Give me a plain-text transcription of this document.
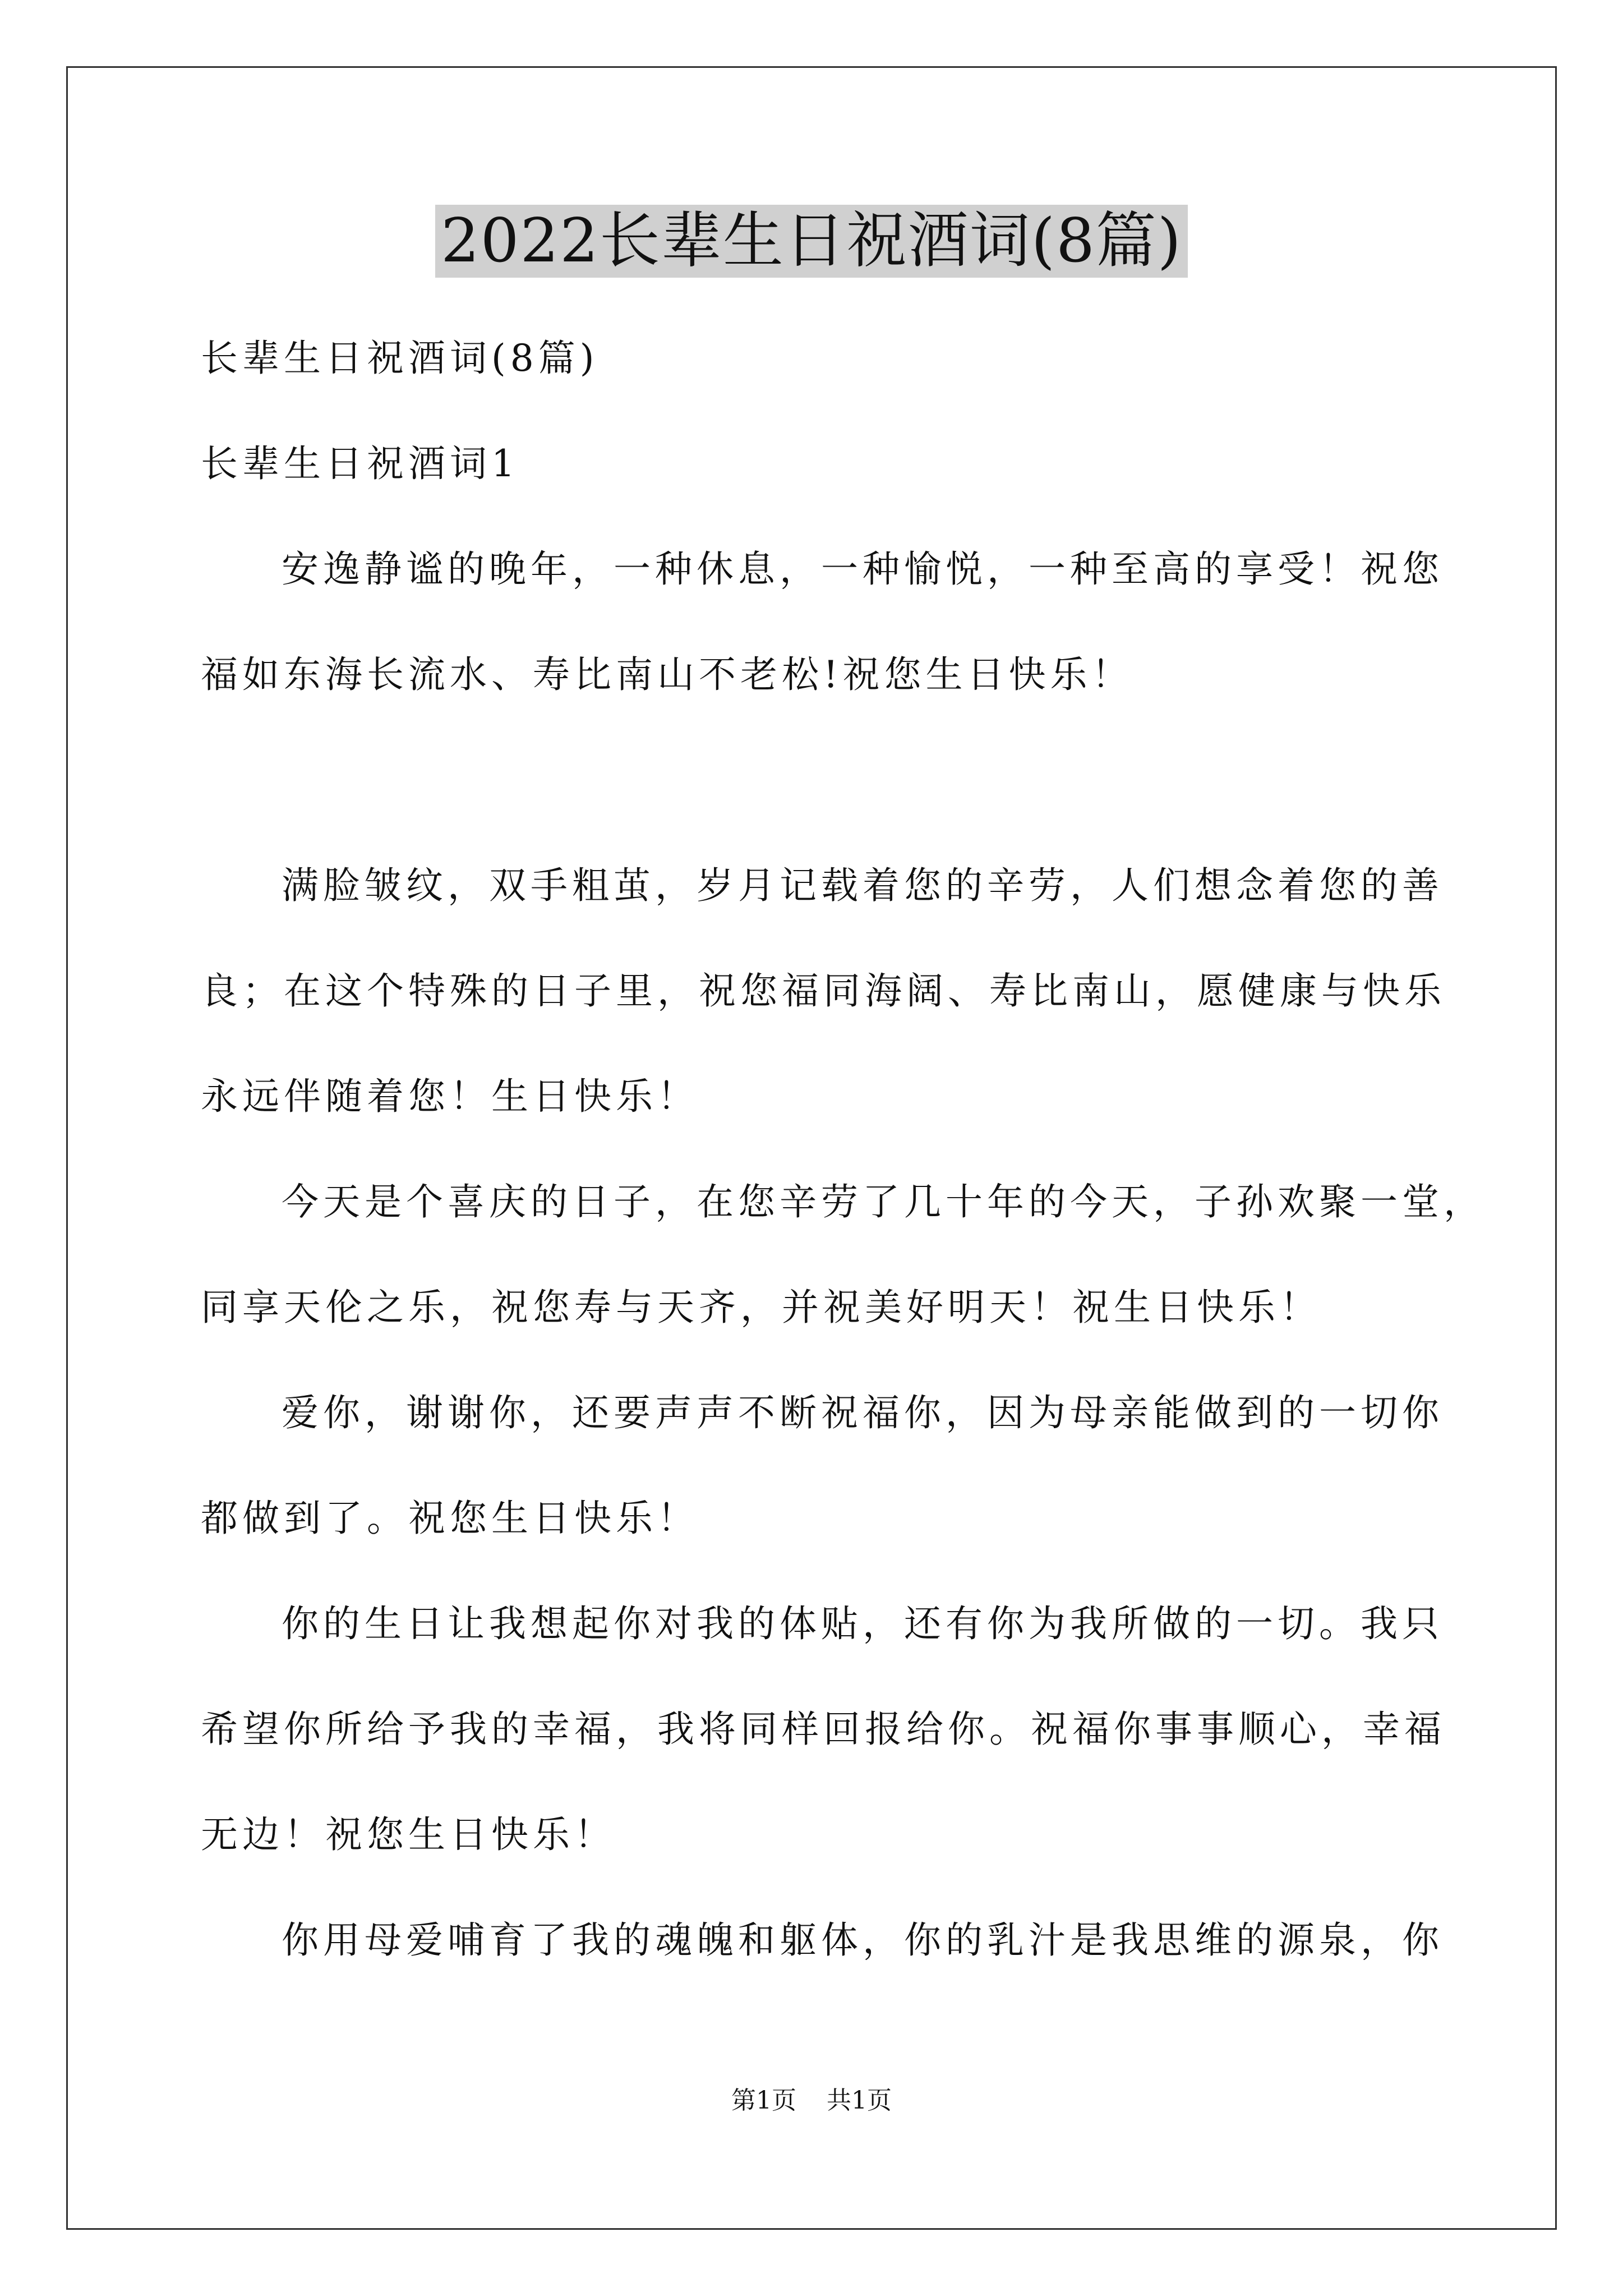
2022长辈生日祝酒词(8篇)
长辈生日祝酒词(8篇)
长辈生日祝酒词1
安逸静谧的晚年，一种休息，一种愉悦，一种至高的享受！祝您
福如东海长流水、寿比南山不老松!祝您生日快乐！
满脸皱纹，双手粗茧，岁月记载着您的辛劳，人们想念着您的善
良；在这个特殊的日子里，祝您福同海阔、寿比南山，愿健康与快乐
永远伴随着您！生日快乐！
今天是个喜庆的日子，在您辛劳了几十年的今天，子孙欢聚一堂，
同享天伦之乐，祝您寿与天齐，并祝美好明天！祝生日快乐！
爱你，谢谢你，还要声声不断祝福你，因为母亲能做到的一切你
都做到了。祝您生日快乐！
你的生日让我想起你对我的体贴，还有你为我所做的一切。我只
希望你所给予我的幸福，我将同样回报给你。祝福你事事顺心，幸福
无边！祝您生日快乐！
你用母爱哺育了我的魂魄和躯体，你的乳汁是我思维的源泉，你
第1页 共1页
